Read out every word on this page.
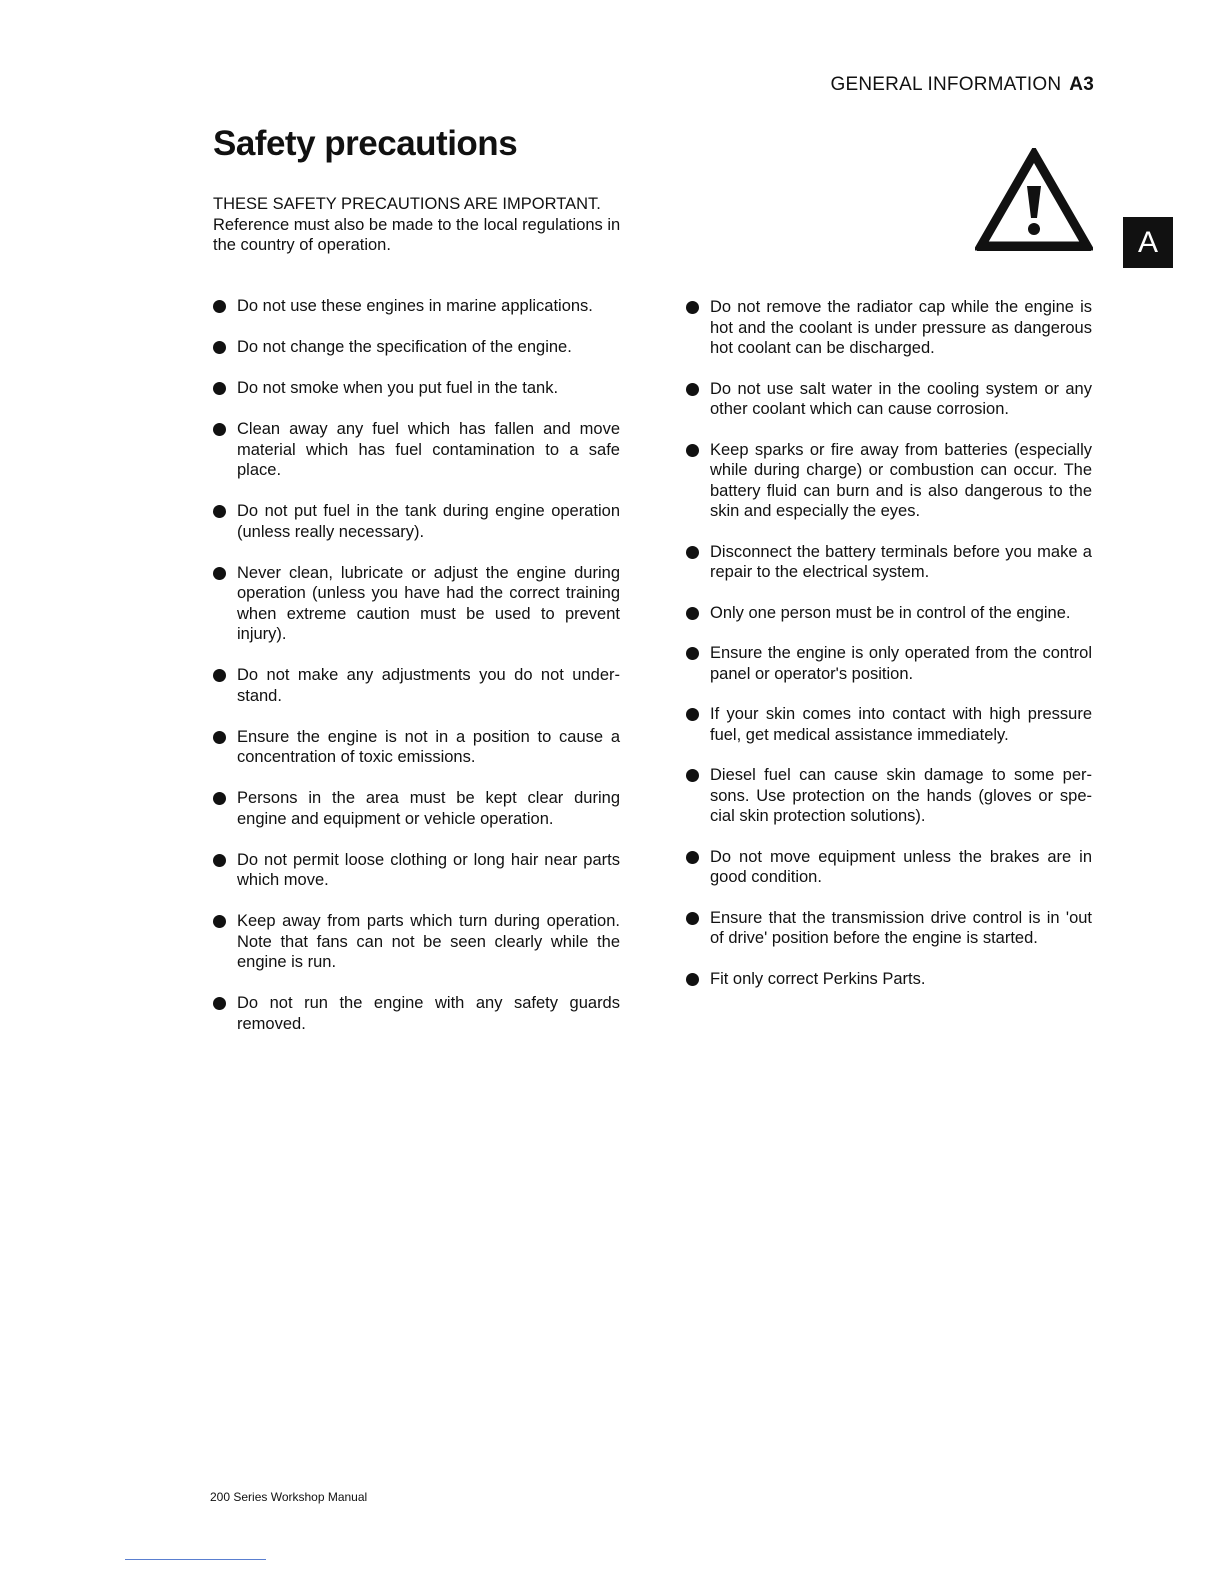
GENERAL INFORMATION A3
Safety precautions
THESE SAFETY PRECAUTIONS ARE IMPORTANT.
Reference must also be made to the local regulations in the country of operation.	A
Do not use these engines in marine applications.
Do not change the specification of the engine.
Do not smoke when you put fuel in the tank.
Clean away any fuel which has fallen and move material which has fuel contamination to a safe place.
Do not put fuel in the tank during engine operation (unless really necessary).
Never clean, lubricate or adjust the engine during operation (unless you have had the correct training when extreme caution must be used to prevent injury).
Do not make any adjustments you do not under-stand.
Ensure the engine is not in a position to cause a concentration of toxic emissions.
Persons in the area must be kept clear during engine and equipment or vehicle operation.
Do not permit loose clothing or long hair near parts which move.
Keep away from parts which turn during operation. Note that fans can not be seen clearly while the engine is run.
Do not run the engine with any safety guards removed.
Do not remove the radiator cap while the engine is hot and the coolant is under pressure as dangerous hot coolant can be discharged.
Do not use salt water in the cooling system or any other coolant which can cause corrosion.
Keep sparks or fire away from batteries (especially while during charge) or combustion can occur. The battery fluid can burn and is also dangerous to the skin and especially the eyes.
Disconnect the battery terminals before you make a repair to the electrical system.
Only one person must be in control of the engine.
Ensure the engine is only operated from the control panel or operator's position.
If your skin comes into contact with high pressure fuel, get medical assistance immediately.
Diesel fuel can cause skin damage to some per-sons. Use protection on the hands (gloves or spe-cial skin protection solutions).
Do not move equipment unless the brakes are in good condition.
Ensure that the transmission drive control is in 'out of drive' position before the engine is started.
Fit only correct Perkins Parts.
200 Series Workshop Manual
